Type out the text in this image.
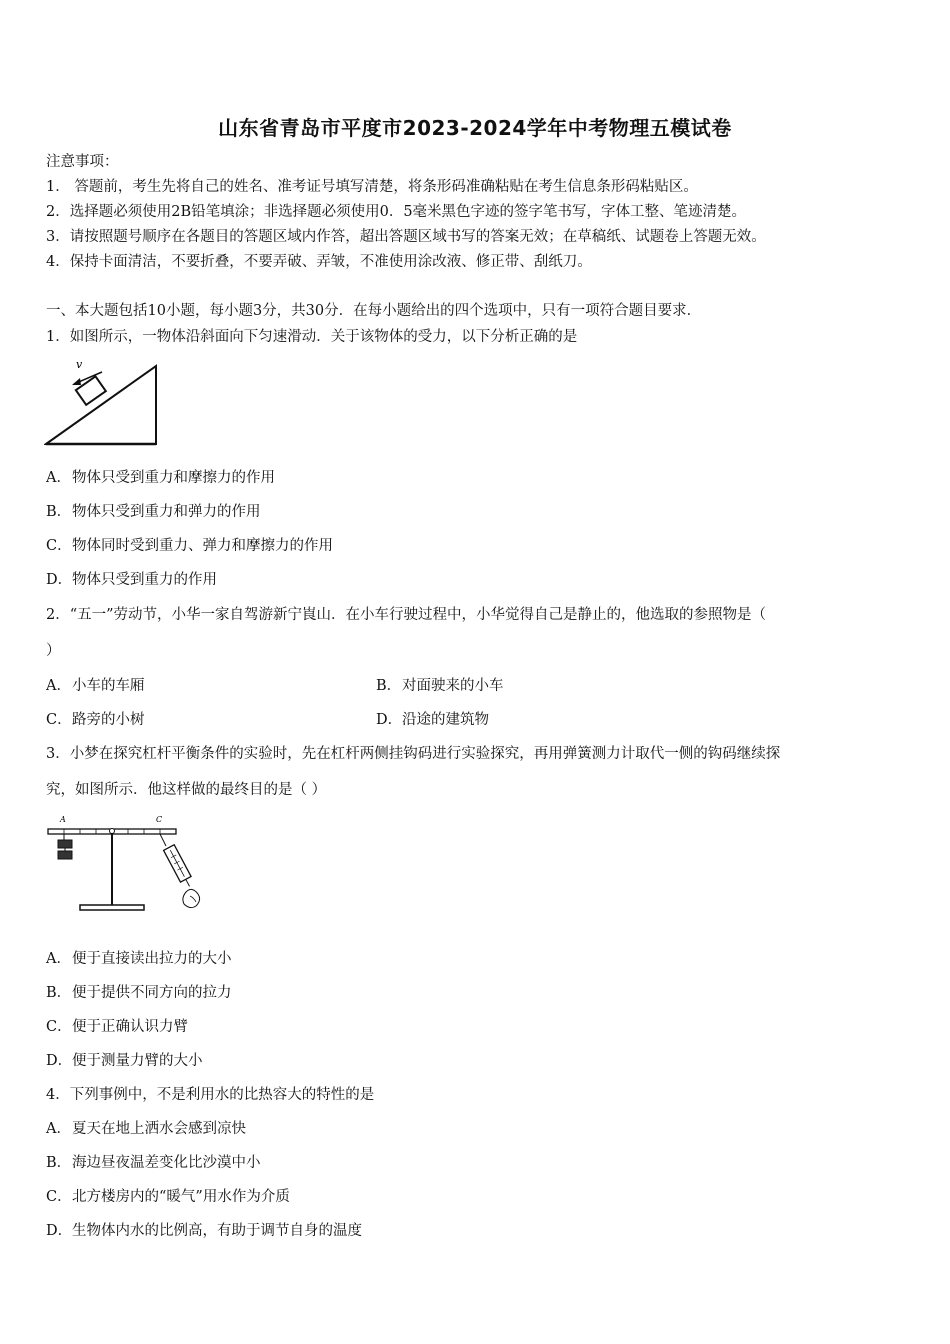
山东省青岛市平度市2023-2024学年中考物理五模试卷
注意事项：
1． 答题前，考生先将自己的姓名、准考证号填写清楚，将条形码准确粘贴在考生信息条形码粘贴区。
2．选择题必须使用2B铅笔填涂；非选择题必须使用0．5毫米黑色字迹的签字笔书写，字体工整、笔迹清楚。
3．请按照题号顺序在各题目的答题区域内作答，超出答题区域书写的答案无效；在草稿纸、试题卷上答题无效。
4．保持卡面清洁，不要折叠，不要弄破、弄皱，不准使用涂改液、修正带、刮纸刀。
一、本大题包括10小题，每小题3分，共30分．在每小题给出的四个选项中，只有一项符合题目要求．
1．如图所示，一物体沿斜面向下匀速滑动．关于该物体的受力，以下分析正确的是
v
A．物体只受到重力和摩擦力的作用
B．物体只受到重力和弹力的作用
C．物体同时受到重力、弹力和摩擦力的作用
D．物体只受到重力的作用
2．“五一”劳动节，小华一家自驾游新宁崀山．在小车行驶过程中，小华觉得自己是静止的，他选取的参照物是（
）
A．小车的车厢	B．对面驶来的小车
C．路旁的小树	D．沿途的建筑物
3．小梦在探究杠杆平衡条件的实验时，先在杠杆两侧挂钩码进行实验探究，再用弹簧测力计取代一侧的钩码继续探
究，如图所示．他这样做的最终目的是（ ）
A	C
A．便于直接读出拉力的大小
B．便于提供不同方向的拉力
C．便于正确认识力臂
D．便于测量力臂的大小
4．下列事例中，不是利用水的比热容大的特性的是
A．夏天在地上洒水会感到凉快
B．海边昼夜温差变化比沙漠中小
C．北方楼房内的“暖气”用水作为介质
D．生物体内水的比例高，有助于调节自身的温度
